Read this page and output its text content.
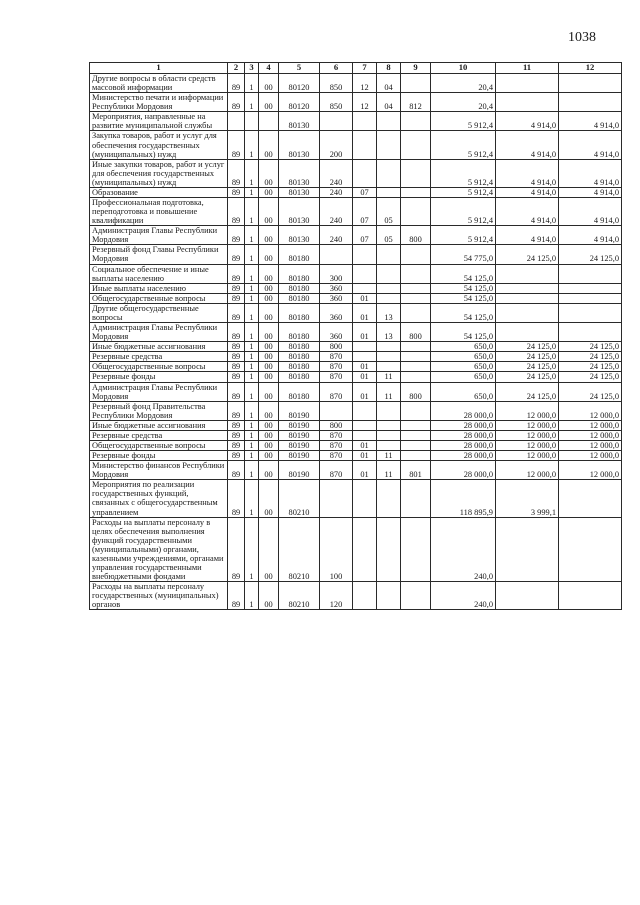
1038
1	2	3	4	5	6	7	8	9	10	11	12
Другие вопросы в области средств массовой информации	89	1	00	80120	850	12	04		20,4		
Министерство печати и информации Республики Мордовия	89	1	00	80120	850	12	04	812	20,4		
Мероприятия, направленные на развитие муниципальной службы				80130					5 912,4	4 914,0	4 914,0
Закупка товаров, работ и услуг для обеспечения государственных (муниципальных) нужд	89	1	00	80130	200				5 912,4	4 914,0	4 914,0
Иные закупки товаров, работ и услуг для обеспечения государственных (муниципальных) нужд	89	1	00	80130	240				5 912,4	4 914,0	4 914,0
Образование	89	1	00	80130	240	07			5 912,4	4 914,0	4 914,0
Профессиональная подготовка, переподготовка и повышение квалификации	89	1	00	80130	240	07	05		5 912,4	4 914,0	4 914,0
Администрация Главы Республики Мордовия	89	1	00	80130	240	07	05	800	5 912,4	4 914,0	4 914,0
Резервный фонд Главы Республики Мордовия	89	1	00	80180					54 775,0	24 125,0	24 125,0
Социальное обеспечение и иные выплаты населению	89	1	00	80180	300				54 125,0		
Иные выплаты населению	89	1	00	80180	360				54 125,0		
Общегосударственные вопросы	89	1	00	80180	360	01			54 125,0		
Другие общегосударственные вопросы	89	1	00	80180	360	01	13		54 125,0		
Администрация Главы Республики Мордовия	89	1	00	80180	360	01	13	800	54 125,0		
Иные бюджетные ассигнования	89	1	00	80180	800				650,0	24 125,0	24 125,0
Резервные средства	89	1	00	80180	870				650,0	24 125,0	24 125,0
Общегосударственные вопросы	89	1	00	80180	870	01			650,0	24 125,0	24 125,0
Резервные фонды	89	1	00	80180	870	01	11		650,0	24 125,0	24 125,0
Администрация Главы Республики Мордовия	89	1	00	80180	870	01	11	800	650,0	24 125,0	24 125,0
Резервный фонд Правительства Республики Мордовия	89	1	00	80190					28 000,0	12 000,0	12 000,0
Иные бюджетные ассигнования	89	1	00	80190	800				28 000,0	12 000,0	12 000,0
Резервные средства	89	1	00	80190	870				28 000,0	12 000,0	12 000,0
Общегосударственные вопросы	89	1	00	80190	870	01			28 000,0	12 000,0	12 000,0
Резервные фонды	89	1	00	80190	870	01	11		28 000,0	12 000,0	12 000,0
Министерство финансов Республики Мордовия	89	1	00	80190	870	01	11	801	28 000,0	12 000,0	12 000,0
Мероприятия по реализации государственных функций, связанных с общегосударственным управлением	89	1	00	80210					118 895,9	3 999,1	
Расходы на выплаты персоналу в целях обеспечения выполнения функций государственными (муниципальными) органами, казенными учреждениями, органами управления государственными внебюджетными фондами	89	1	00	80210	100				240,0		
Расходы на выплаты персоналу государственных (муниципальных) органов	89	1	00	80210	120				240,0		
